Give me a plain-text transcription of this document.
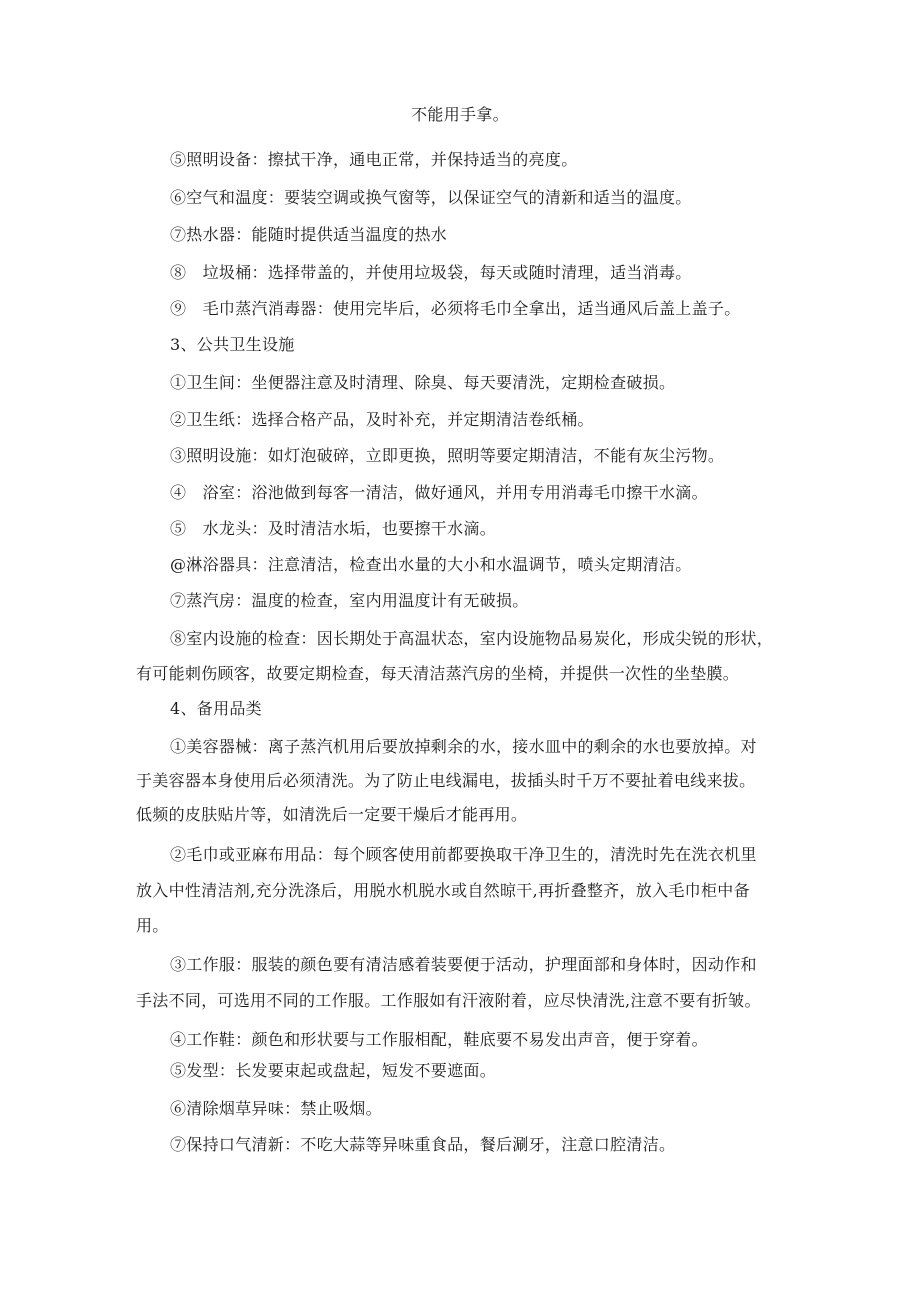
不能用手拿。
⑤照明设备：擦拭干净，通电正常，并保持适当的亮度。
⑥空气和温度：要装空调或换气窗等，以保证空气的清新和适当的温度。
⑦热水器：能随时提供适当温度的热水
⑧　垃圾桶：选择带盖的，并使用垃圾袋，每天或随时清理，适当消毒。
⑨　毛巾蒸汽消毒器：使用完毕后，必须将毛巾全拿出，适当通风后盖上盖子。
3、公共卫生设施
①卫生间：坐便器注意及时清理、除臭、每天要清洗，定期检查破损。
②卫生纸：选择合格产品，及时补充，并定期清洁卷纸桶。
③照明设施：如灯泡破碎，立即更换，照明等要定期清洁，不能有灰尘污物。
④　浴室：浴池做到每客一清洁，做好通风，并用专用消毒毛巾擦干水滴。
⑤　水龙头：及时清洁水垢，也要擦干水滴。
@淋浴器具：注意清洁，检查出水量的大小和水温调节，喷头定期清洁。
⑦蒸汽房：温度的检查，室内用温度计有无破损。
⑧室内设施的检查：因长期处于高温状态，室内设施物品易炭化，形成尖锐的形状，
有可能刺伤顾客，故要定期检查，每天清洁蒸汽房的坐椅，并提供一次性的坐垫膜。
4、备用品类
①美容器械：离子蒸汽机用后要放掉剩余的水，接水皿中的剩余的水也要放掉。对
于美容器本身使用后必须清洗。为了防止电线漏电，拔插头时千万不要扯着电线来拔。
低频的皮肤贴片等，如清洗后一定要干燥后才能再用。
②毛巾或亚麻布用品：每个顾客使用前都要换取干净卫生的，清洗时先在洗衣机里
放入中性清洁剂,充分洗涤后，用脱水机脱水或自然晾干,再折叠整齐，放入毛巾柜中备
用。
③工作服：服装的颜色要有清洁感着装要便于活动，护理面部和身体时，因动作和
手法不同，可选用不同的工作服。工作服如有汗液附着，应尽快清洗,注意不要有折皱。
④工作鞋：颜色和形状要与工作服相配，鞋底要不易发出声音，便于穿着。
⑤发型：长发要束起或盘起，短发不要遮面。
⑥清除烟草异味：禁止吸烟。
⑦保持口气清新：不吃大蒜等异味重食品，餐后涮牙，注意口腔清洁。
